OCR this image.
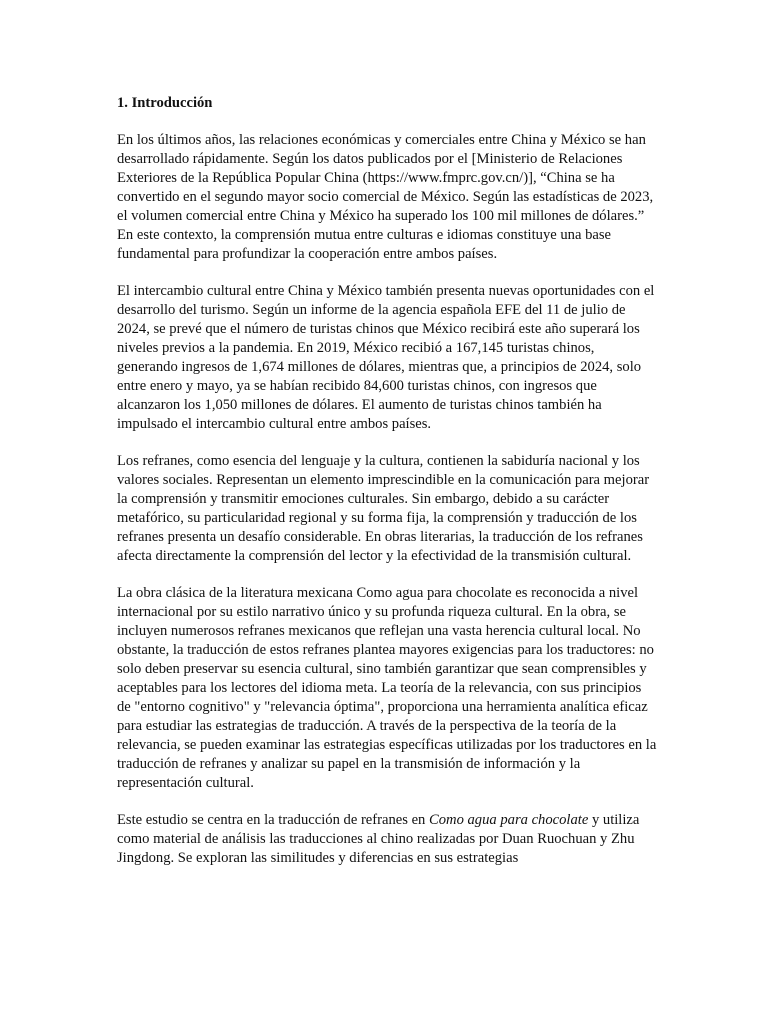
1. Introducción

En los últimos años, las relaciones económicas y comerciales entre China y México se han desarrollado rápidamente. Según los datos publicados por el [Ministerio de Relaciones Exteriores de la República Popular China (https://www.fmprc.gov.cn/)], “China se ha convertido en el segundo mayor socio comercial de México. Según las estadísticas de 2023, el volumen comercial entre China y México ha superado los 100 mil millones de dólares.” En este contexto, la comprensión mutua entre culturas e idiomas constituye una base fundamental para profundizar la cooperación entre ambos países.

El intercambio cultural entre China y México también presenta nuevas oportunidades con el desarrollo del turismo. Según un informe de la agencia española EFE del 11 de julio de 2024, se prevé que el número de turistas chinos que México recibirá este año superará los niveles previos a la pandemia. En 2019, México recibió a 167,145 turistas chinos, generando ingresos de 1,674 millones de dólares, mientras que, a principios de 2024, solo entre enero y mayo, ya se habían recibido 84,600 turistas chinos, con ingresos que alcanzaron los 1,050 millones de dólares. El aumento de turistas chinos también ha impulsado el intercambio cultural entre ambos países.

Los refranes, como esencia del lenguaje y la cultura, contienen la sabiduría nacional y los valores sociales. Representan un elemento imprescindible en la comunicación para mejorar la comprensión y transmitir emociones culturales. Sin embargo, debido a su carácter metafórico, su particularidad regional y su forma fija, la comprensión y traducción de los refranes presenta un desafío considerable. En obras literarias, la traducción de los refranes afecta directamente la comprensión del lector y la efectividad de la transmisión cultural.

La obra clásica de la literatura mexicana Como agua para chocolate es reconocida a nivel internacional por su estilo narrativo único y su profunda riqueza cultural. En la obra, se incluyen numerosos refranes mexicanos que reflejan una vasta herencia cultural local. No obstante, la traducción de estos refranes plantea mayores exigencias para los traductores: no solo deben preservar su esencia cultural, sino también garantizar que sean comprensibles y aceptables para los lectores del idioma meta. La teoría de la relevancia, con sus principios de "entorno cognitivo" y "relevancia óptima", proporciona una herramienta analítica eficaz para estudiar las estrategias de traducción. A través de la perspectiva de la teoría de la relevancia, se pueden examinar las estrategias específicas utilizadas por los traductores en la traducción de refranes y analizar su papel en la transmisión de información y la representación cultural.

Este estudio se centra en la traducción de refranes en Como agua para chocolate y utiliza como material de análisis las traducciones al chino realizadas por Duan Ruochuan y Zhu Jingdong. Se exploran las similitudes y diferencias en sus estrategias
